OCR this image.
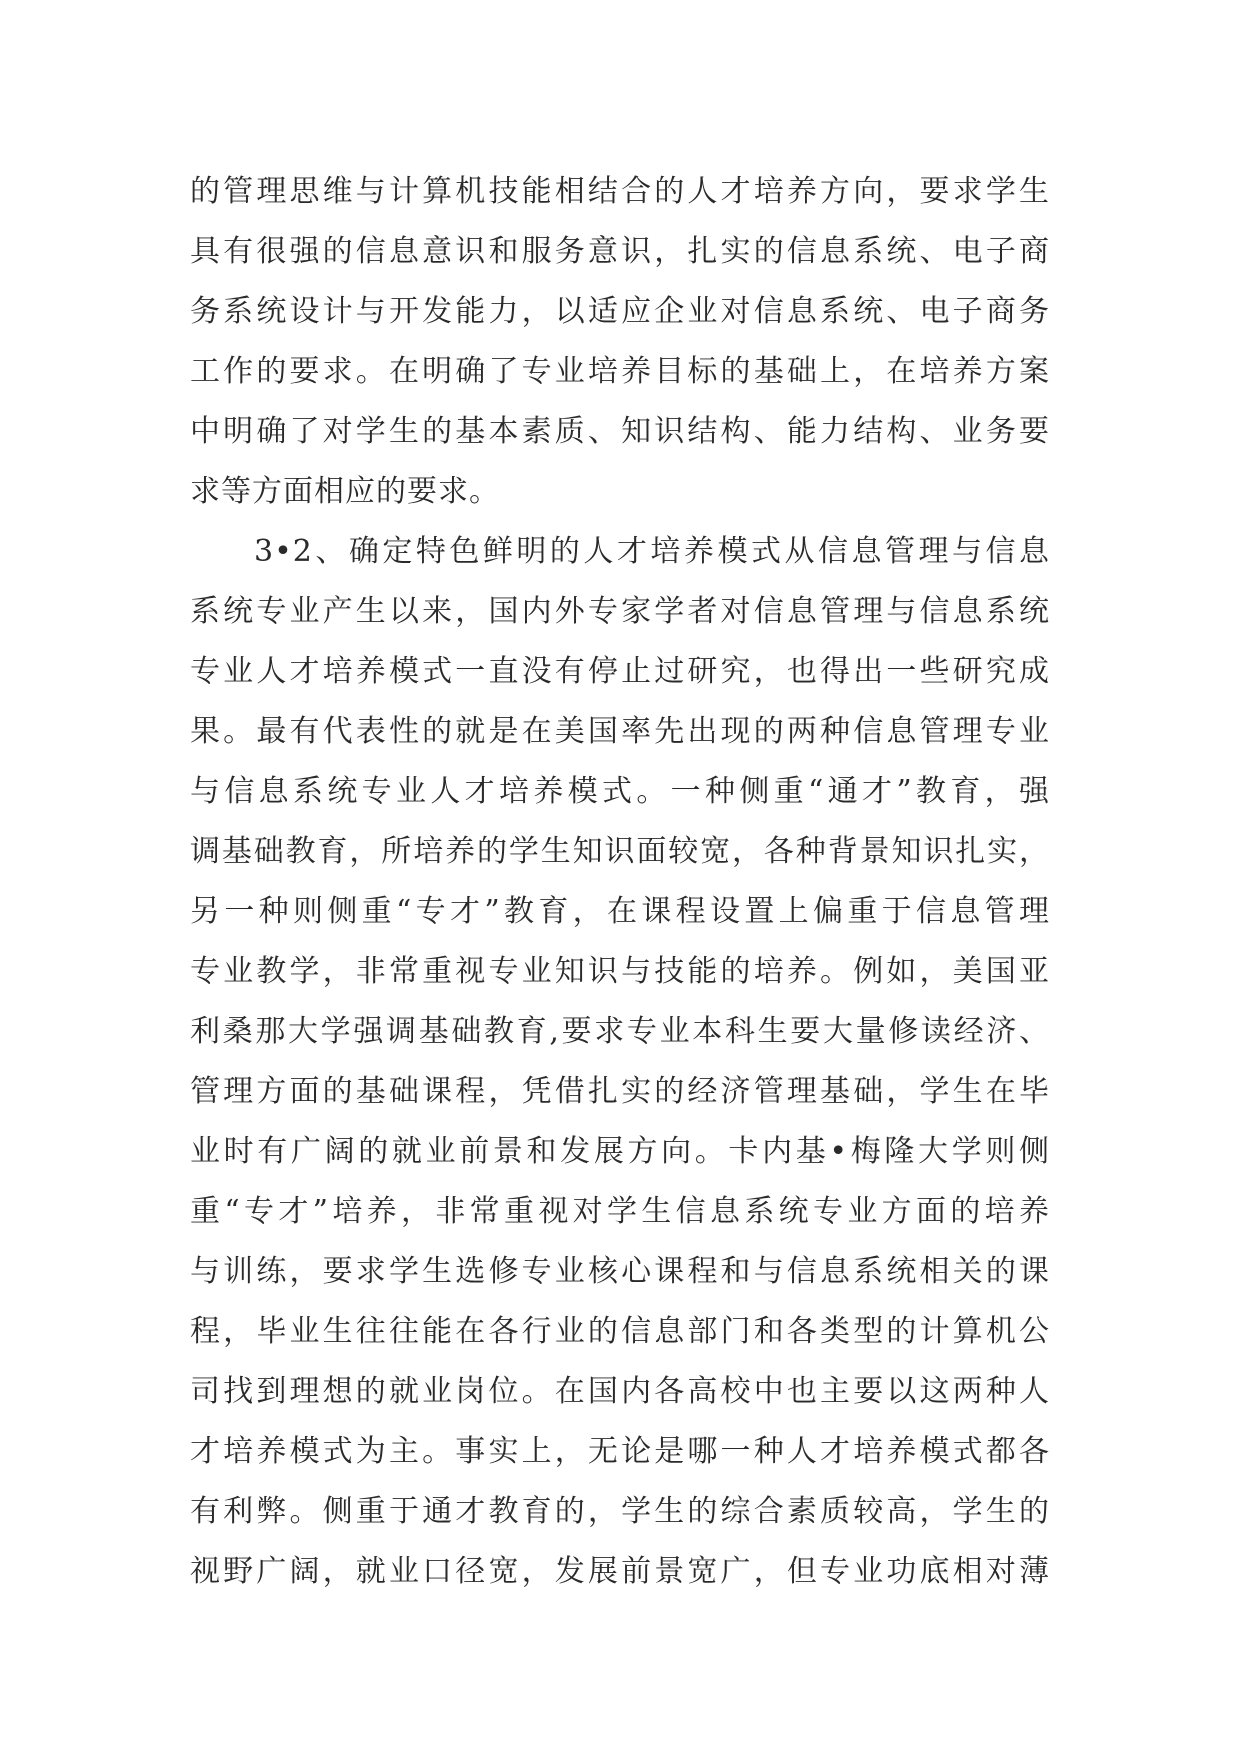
的管理思维与计算机技能相结合的人才培养方向，要求学生
具有很强的信息意识和服务意识，扎实的信息系统、电子商
务系统设计与开发能力，以适应企业对信息系统、电子商务
工作的要求。在明确了专业培养目标的基础上，在培养方案
中明确了对学生的基本素质、知识结构、能力结构、业务要
求等方面相应的要求。
3•2、确定特色鲜明的人才培养模式从信息管理与信息
系统专业产生以来，国内外专家学者对信息管理与信息系统
专业人才培养模式一直没有停止过研究，也得出一些研究成
果。最有代表性的就是在美国率先出现的两种信息管理专业
与信息系统专业人才培养模式。一种侧重“通才”教育，强
调基础教育，所培养的学生知识面较宽，各种背景知识扎实，
另一种则侧重“专才”教育，在课程设置上偏重于信息管理
专业教学，非常重视专业知识与技能的培养。例如，美国亚
利桑那大学强调基础教育,要求专业本科生要大量修读经济、
管理方面的基础课程，凭借扎实的经济管理基础，学生在毕
业时有广阔的就业前景和发展方向。卡内基•梅隆大学则侧
重“专才”培养，非常重视对学生信息系统专业方面的培养
与训练，要求学生选修专业核心课程和与信息系统相关的课
程，毕业生往往能在各行业的信息部门和各类型的计算机公
司找到理想的就业岗位。在国内各高校中也主要以这两种人
才培养模式为主。事实上，无论是哪一种人才培养模式都各
有利弊。侧重于通才教育的，学生的综合素质较高，学生的
视野广阔，就业口径宽，发展前景宽广，但专业功底相对薄
